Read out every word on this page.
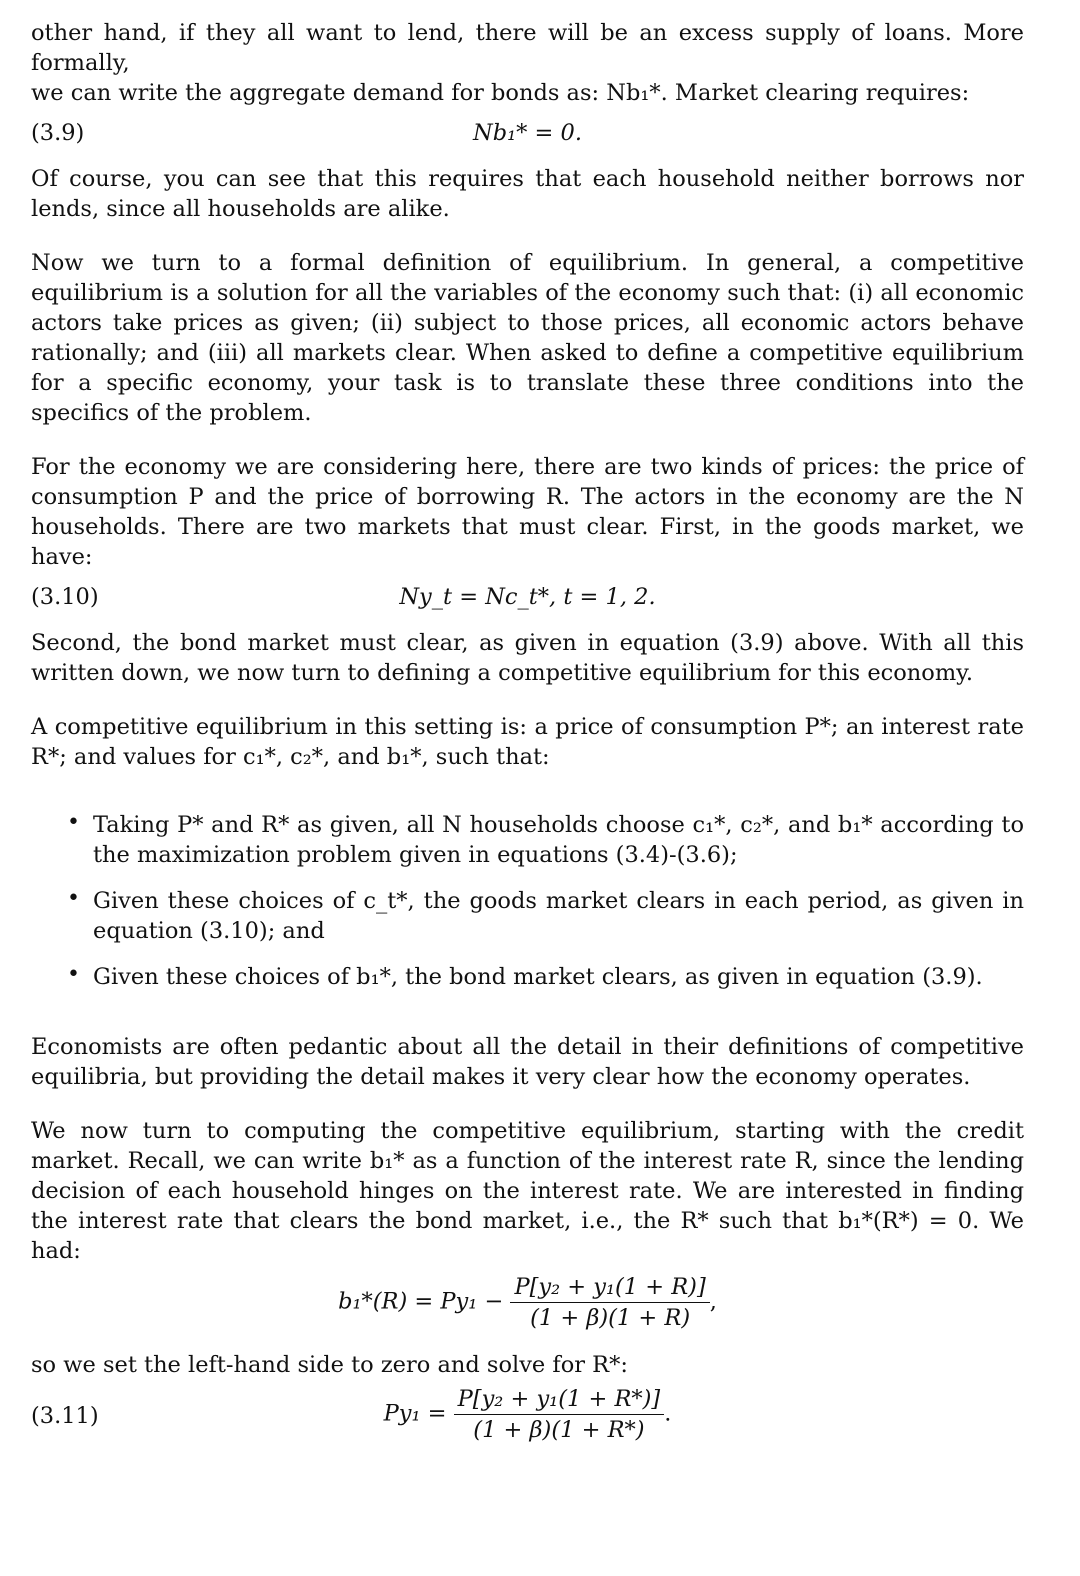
other hand, if they all want to lend, there will be an excess supply of loans. More formally,
we can write the aggregate demand for bonds as: Nb₁*. Market clearing requires:

(3.9)	Nb₁* = 0.

Of course, you can see that this requires that each household neither borrows nor lends, since all households are alike.

Now we turn to a formal definition of equilibrium. In general, a competitive equilibrium is a solution for all the variables of the economy such that: (i) all economic actors take prices as given; (ii) subject to those prices, all economic actors behave rationally; and (iii) all markets clear. When asked to define a competitive equilibrium for a specific economy, your task is to translate these three conditions into the specifics of the problem.

For the economy we are considering here, there are two kinds of prices: the price of consumption P and the price of borrowing R. The actors in the economy are the N households. There are two markets that must clear. First, in the goods market, we have:

(3.10)	Ny_t = Nc_t*, t = 1, 2.

Second, the bond market must clear, as given in equation (3.9) above. With all this written down, we now turn to defining a competitive equilibrium for this economy.

A competitive equilibrium in this setting is: a price of consumption P*; an interest rate R*; and values for c₁*, c₂*, and b₁*, such that:

• Taking P* and R* as given, all N households choose c₁*, c₂*, and b₁* according to the maximization problem given in equations (3.4)-(3.6);

• Given these choices of c_t*, the goods market clears in each period, as given in equation (3.10); and

• Given these choices of b₁*, the bond market clears, as given in equation (3.9).

Economists are often pedantic about all the detail in their definitions of competitive equilibria, but providing the detail makes it very clear how the economy operates.

We now turn to computing the competitive equilibrium, starting with the credit market. Recall, we can write b₁* as a function of the interest rate R, since the lending decision of each household hinges on the interest rate. We are interested in finding the interest rate that clears the bond market, i.e., the R* such that b₁*(R*) = 0. We had:

$b_1*(R) = Py_1 - \frac{\text{P[y₂ + y₁(1 + R)]}}{(1 + \beta)(1 + R)}$ ,

so we set the left-hand side to zero and solve for R*:

(3.11)	$Py_1 = \frac{\text{P[y₂ + y₁(1 + R*)]}}{(1 + \beta)(1 + R*)}$ .
